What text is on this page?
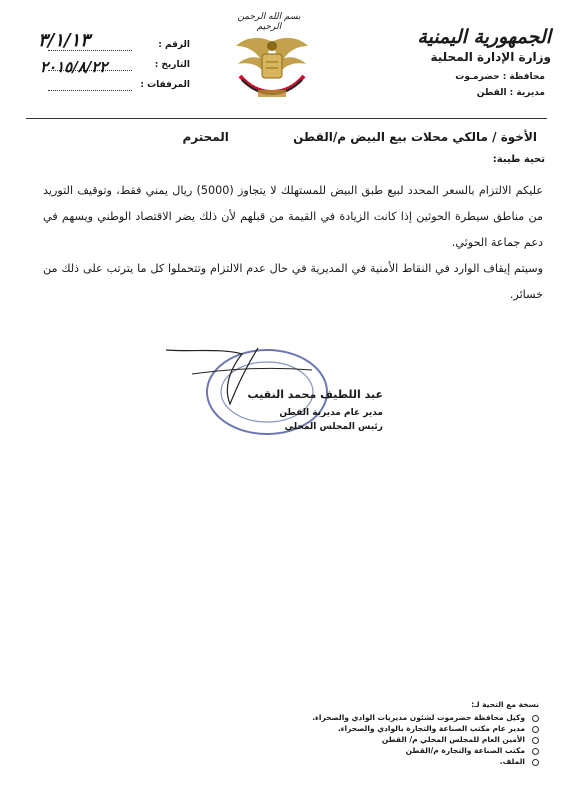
الجمهورية اليمنية
وزارة الإدارة المحلية
محافظة : حضرمـوت
مديرية : القطن
بسم الله الرحمن الرحيم
الرقم :
التاريخ :
المرفقات :
٣/١/١٣
٢٠١٥/٨/٢٢
الأخوة / مالكي محلات بيع البيض م/القطن المحترم
تحية طيبة:

عليكم الالتزام بالسعر المحدد لبيع طبق البيض للمستهلك لا يتجاوز (5000) ريال يمني فقط، وتوقيف التوريد من مناطق سيطرة الحوثين إذا كانت الزيادة في القيمة من قبلهم لأن ذلك يضر الاقتصاد الوطني ويسهم في دعم جماعة الحوثي.

وسيتم إيقاف الوارد في النقاط الأمنية في المديرية في حال عدم الالتزام وتتحملوا كل ما يترتب على ذلك من خسائر.

عبد اللطيف محمد النقيب
مدير عام مديرية القطن
رئيس المجلس المحلي
نسخة مع التحية لـ:
وكيل محافظة حضرموت لشئون مديريات الوادي والصحراء.
مدير عام مكتب الصناعة والتجارة بالوادي والصحراء.
الأمين العام للمجلس المحلي م/ القطن
مكتب الصناعة والتجارة م/القطن
الملف.
